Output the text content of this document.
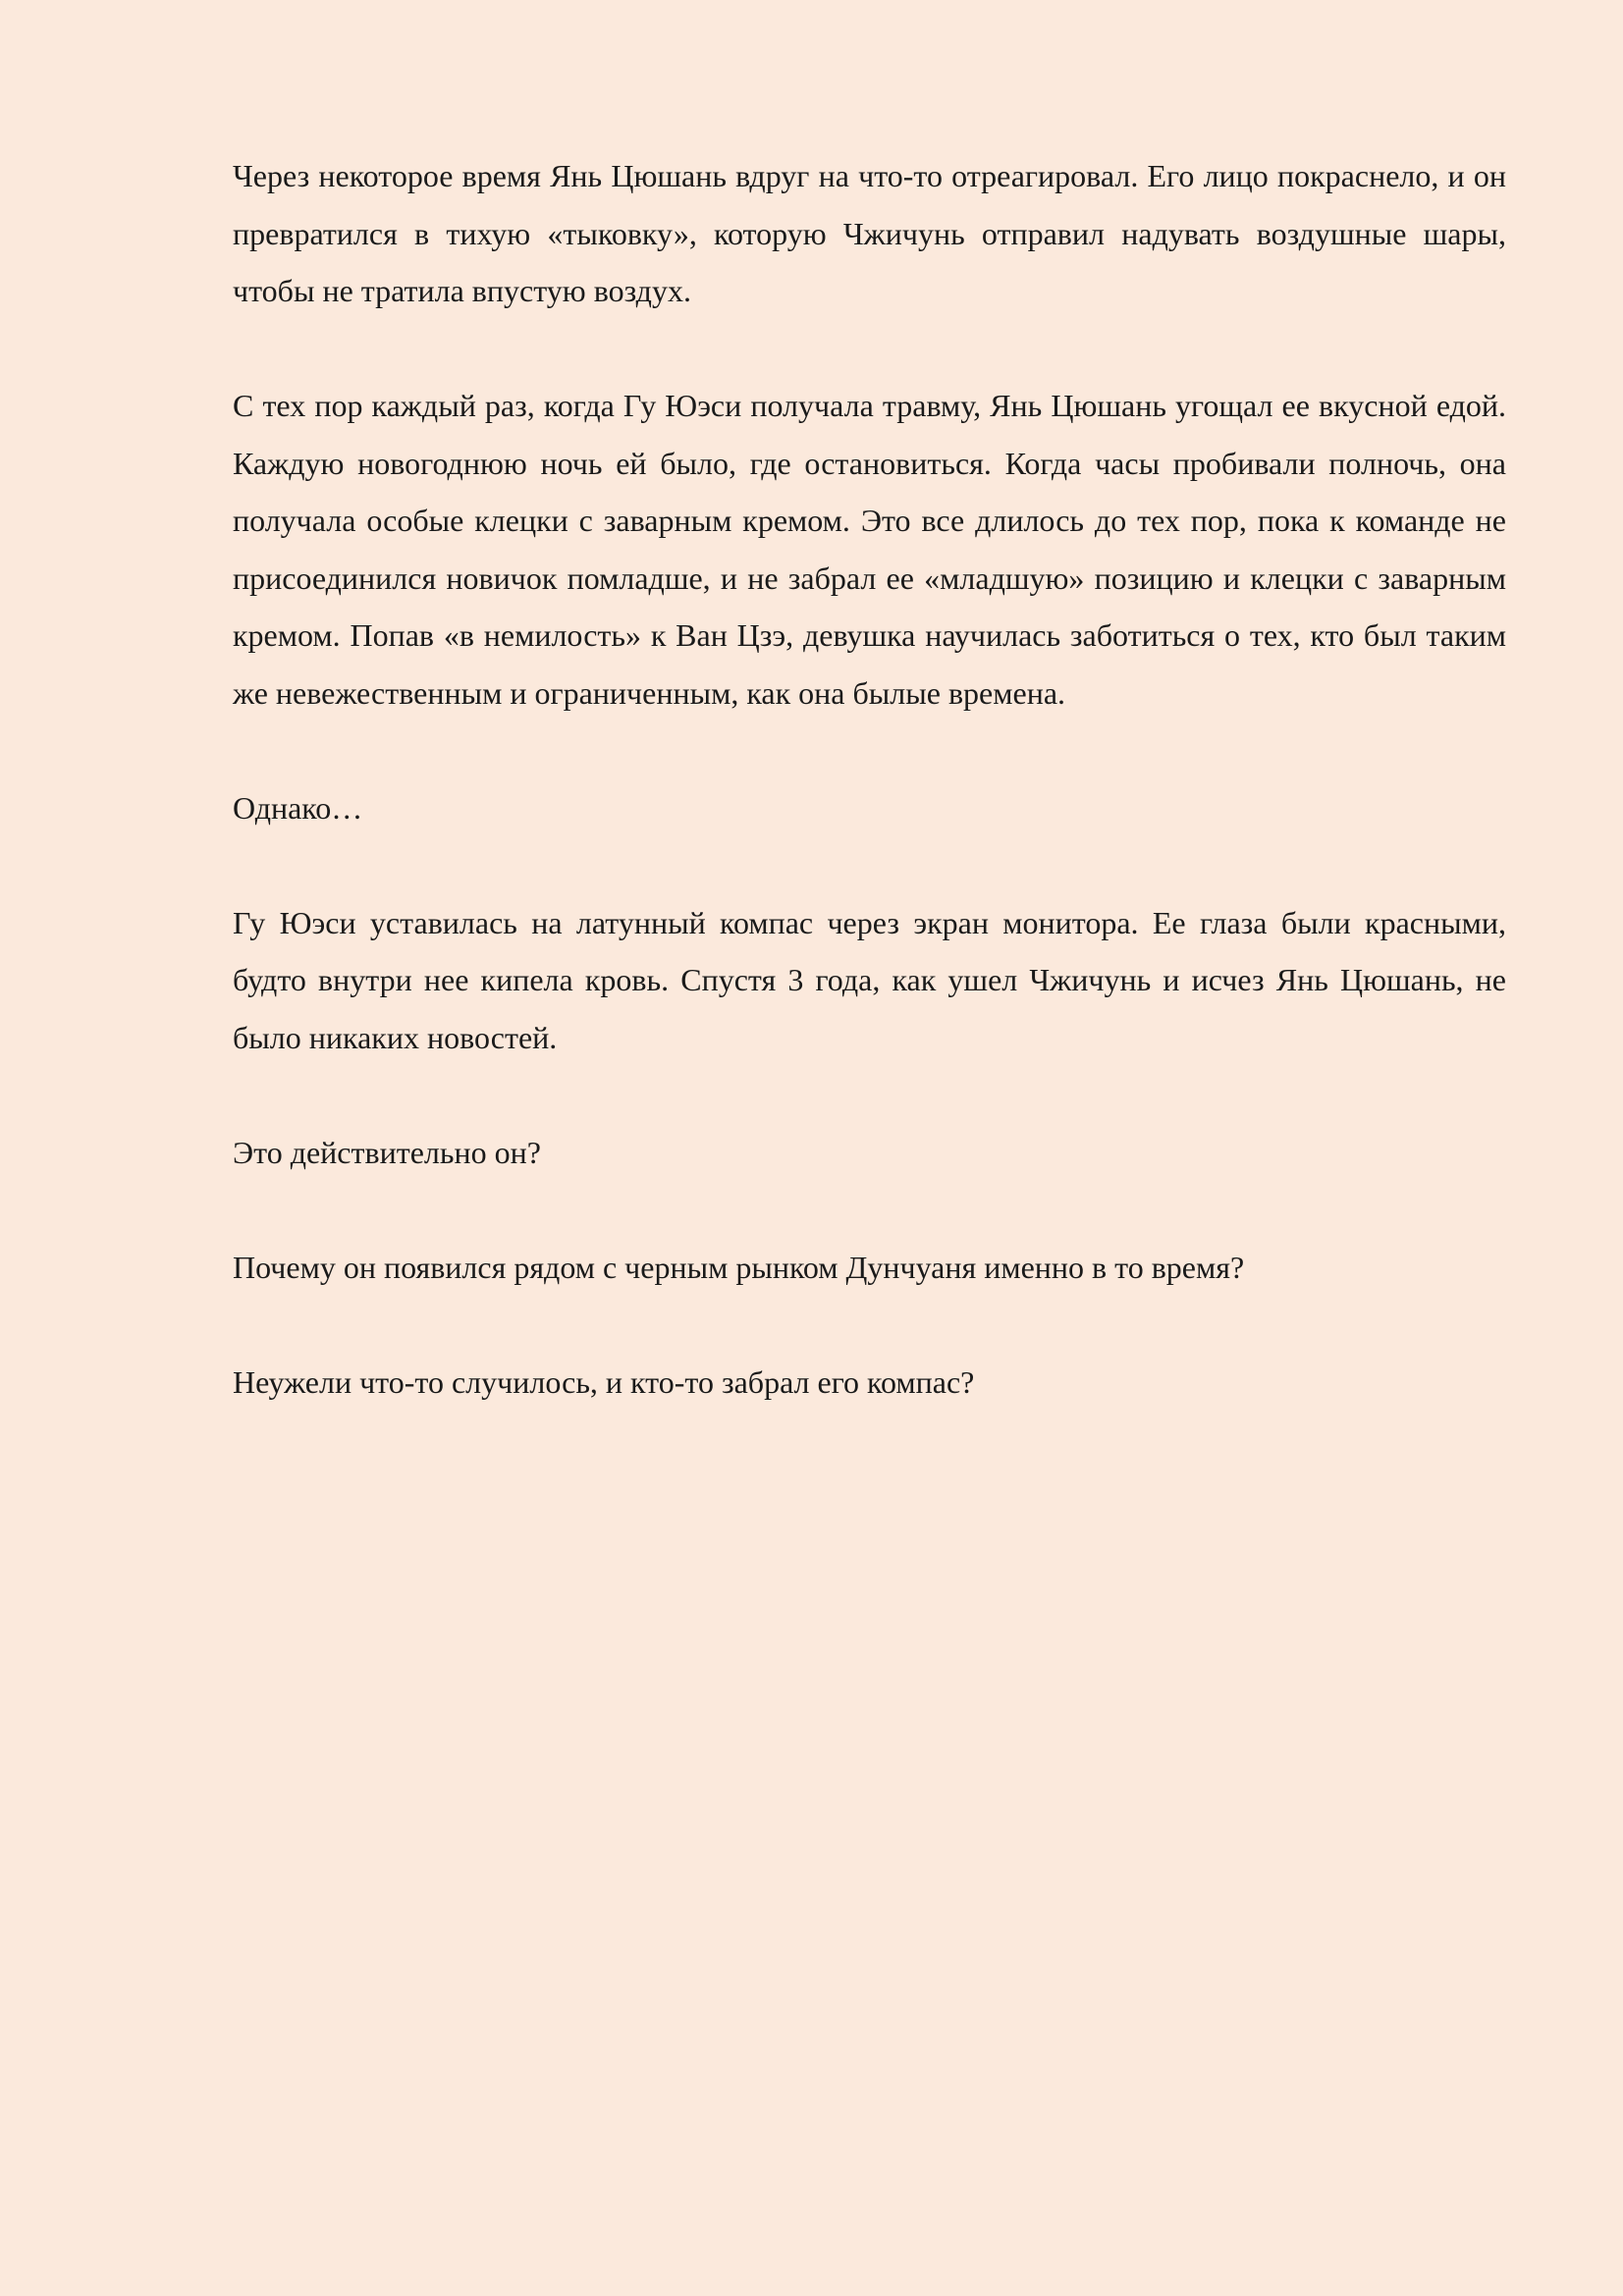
Через некоторое время Янь Цюшань вдруг на что-то отреагировал. Его лицо покраснело, и он превратился в тихую «тыковку», которую Чжичунь отправил надувать воздушные шары, чтобы не тратила впустую воздух.

С тех пор каждый раз, когда Гу Юэси получала травму, Янь Цюшань угощал ее вкусной едой. Каждую новогоднюю ночь ей было, где остановиться. Когда часы пробивали полночь, она получала особые клецки с заварным кремом. Это все длилось до тех пор, пока к команде не присоединился новичок помладше, и не забрал ее «младшую» позицию и клецки с заварным кремом. Попав «в немилость» к Ван Цзэ, девушка научилась заботиться о тех, кто был таким же невежественным и ограниченным, как она былые времена.

Однако…

Гу Юэси уставилась на латунный компас через экран монитора. Ее глаза были красными, будто внутри нее кипела кровь. Спустя 3 года, как ушел Чжичунь и исчез Янь Цюшань, не было никаких новостей.

Это действительно он?

Почему он появился рядом с черным рынком Дунчуаня именно в то время?

Неужели что-то случилось, и кто-то забрал его компас?
